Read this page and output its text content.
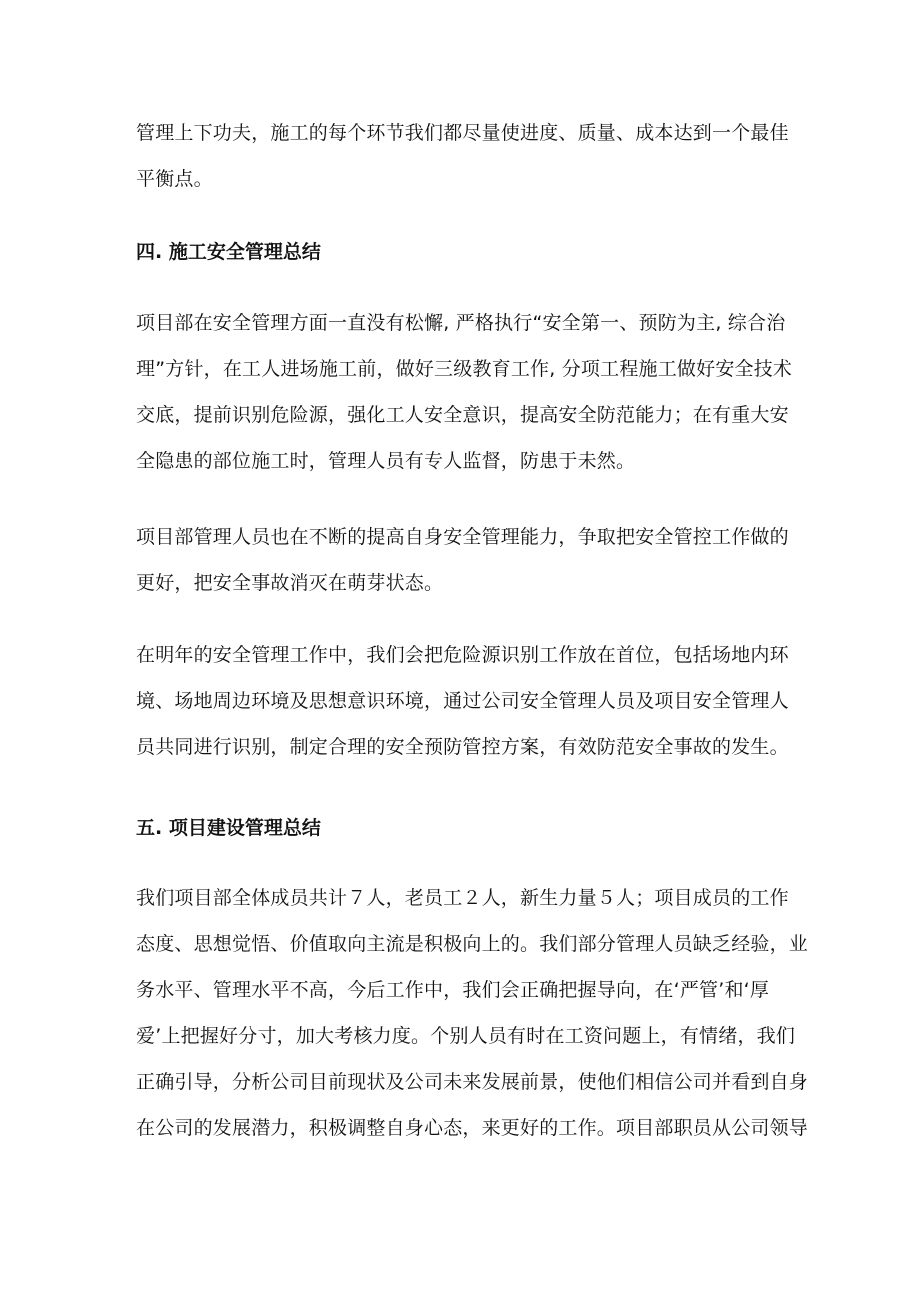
管理上下功夫，施工的每个环节我们都尽量使进度、质量、成本达到一个最佳
平衡点。

四. 施工安全管理总结

项目部在安全管理方面一直没有松懈, 严格执行“安全第一、预防为主, 综合治
理”方针，在工人进场施工前，做好三级教育工作, 分项工程施工做好安全技术
交底，提前识别危险源，强化工人安全意识，提高安全防范能力；在有重大安
全隐患的部位施工时，管理人员有专人监督，防患于未然。

项目部管理人员也在不断的提高自身安全管理能力，争取把安全管控工作做的
更好，把安全事故消灭在萌芽状态。

在明年的安全管理工作中，我们会把危险源识别工作放在首位，包括场地内环
境、场地周边环境及思想意识环境，通过公司安全管理人员及项目安全管理人
员共同进行识别，制定合理的安全预防管控方案，有效防范安全事故的发生。

五. 项目建设管理总结

我们项目部全体成员共计７人，老员工２人，新生力量５人；项目成员的工作
态度、思想觉悟、价值取向主流是积极向上的。我们部分管理人员缺乏经验，业
务水平、管理水平不高，今后工作中，我们会正确把握导向，在‘严管’和‘厚
爱’上把握好分寸，加大考核力度。个别人员有时在工资问题上，有情绪，我们
正确引导，分析公司目前现状及公司未来发展前景，使他们相信公司并看到自身
在公司的发展潜力，积极调整自身心态，来更好的工作。项目部职员从公司领导
